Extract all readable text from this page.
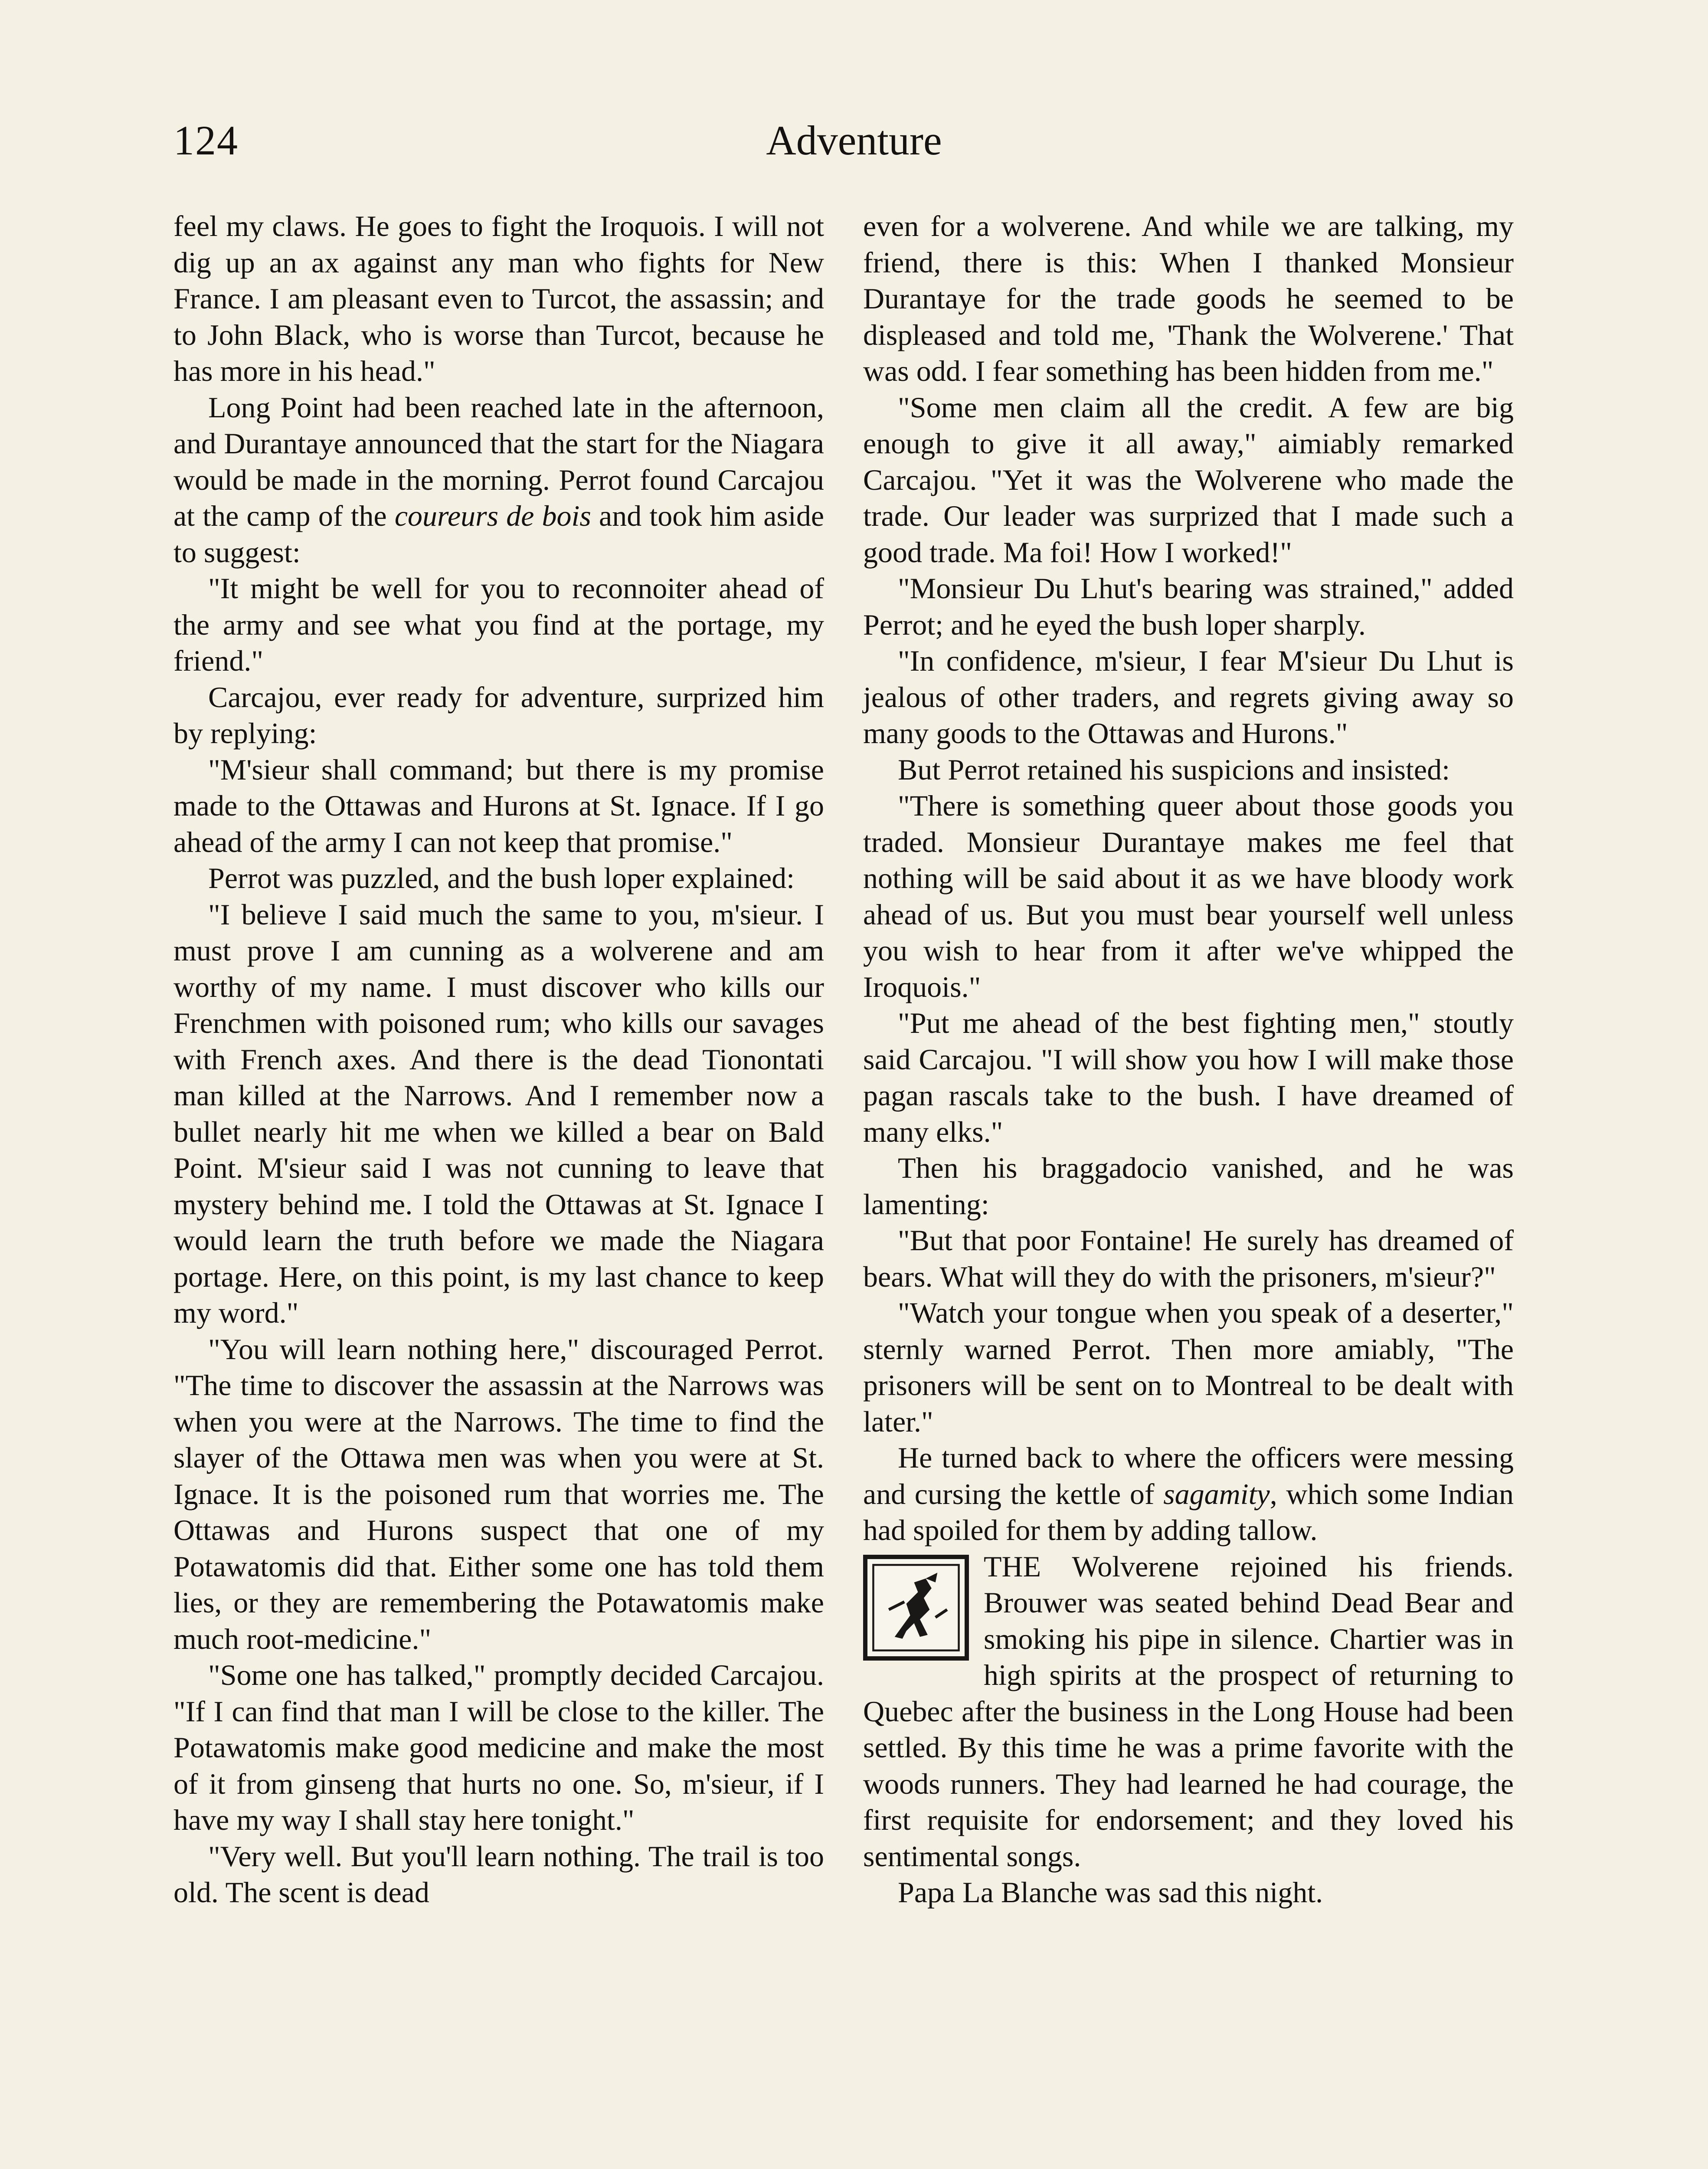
124	Adventure

feel my claws. He goes to fight the Iroquois. I will not dig up an ax against any man who fights for New France. I am pleasant even to Turcot, the assassin; and to John Black, who is worse than Turcot, because he has more in his head."

Long Point had been reached late in the afternoon, and Durantaye announced that the start for the Niagara would be made in the morning. Perrot found Carcajou at the camp of the coureurs de bois and took him aside to suggest:

"It might be well for you to reconnoiter ahead of the army and see what you find at the portage, my friend."

Carcajou, ever ready for adventure, surprized him by replying:

"M'sieur shall command; but there is my promise made to the Ottawas and Hurons at St. Ignace. If I go ahead of the army I can not keep that promise."

Perrot was puzzled, and the bush loper explained:

"I believe I said much the same to you, m'sieur. I must prove I am cunning as a wolverene and am worthy of my name. I must discover who kills our Frenchmen with poisoned rum; who kills our savages with French axes. And there is the dead Tionontati man killed at the Narrows. And I remember now a bullet nearly hit me when we killed a bear on Bald Point. M'sieur said I was not cunning to leave that mystery behind me. I told the Ottawas at St. Ignace I would learn the truth before we made the Niagara portage. Here, on this point, is my last chance to keep my word."

"You will learn nothing here," discouraged Perrot. "The time to discover the assassin at the Narrows was when you were at the Narrows. The time to find the slayer of the Ottawa men was when you were at St. Ignace. It is the poisoned rum that worries me. The Ottawas and Hurons suspect that one of my Potawatomis did that. Either some one has told them lies, or they are remembering the Potawatomis make much root-medicine."

"Some one has talked," promptly decided Carcajou. "If I can find that man I will be close to the killer. The Potawatomis make good medicine and make the most of it from ginseng that hurts no one. So, m'sieur, if I have my way I shall stay here tonight."

"Very well. But you'll learn nothing. The trail is too old. The scent is dead

even for a wolverene. And while we are talking, my friend, there is this: When I thanked Monsieur Durantaye for the trade goods he seemed to be displeased and told me, 'Thank the Wolverene.' That was odd. I fear something has been hidden from me."

"Some men claim all the credit. A few are big enough to give it all away," aimiably remarked Carcajou. "Yet it was the Wolverene who made the trade. Our leader was surprized that I made such a good trade. Ma foi! How I worked!"

"Monsieur Du Lhut's bearing was strained," added Perrot; and he eyed the bush loper sharply.

"In confidence, m'sieur, I fear M'sieur Du Lhut is jealous of other traders, and regrets giving away so many goods to the Ottawas and Hurons."

But Perrot retained his suspicions and insisted:

"There is something queer about those goods you traded. Monsieur Durantaye makes me feel that nothing will be said about it as we have bloody work ahead of us. But you must bear yourself well unless you wish to hear from it after we've whipped the Iroquois."

"Put me ahead of the best fighting men," stoutly said Carcajou. "I will show you how I will make those pagan rascals take to the bush. I have dreamed of many elks."

Then his braggadocio vanished, and he was lamenting:

"But that poor Fontaine! He surely has dreamed of bears. What will they do with the prisoners, m'sieur?"

"Watch your tongue when you speak of a deserter," sternly warned Perrot. Then more amiably, "The prisoners will be sent on to Montreal to be dealt with later."

He turned back to where the officers were messing and cursing the kettle of sagamity, which some Indian had spoiled for them by adding tallow.

THE Wolverene rejoined his friends. Brouwer was seated behind Dead Bear and smoking his pipe in silence. Chartier was in high spirits at the prospect of returning to Quebec after the business in the Long House had been settled. By this time he was a prime favorite with the woods runners. They had learned he had courage, the first requisite for endorsement; and they loved his sentimental songs.

Papa La Blanche was sad this night.
